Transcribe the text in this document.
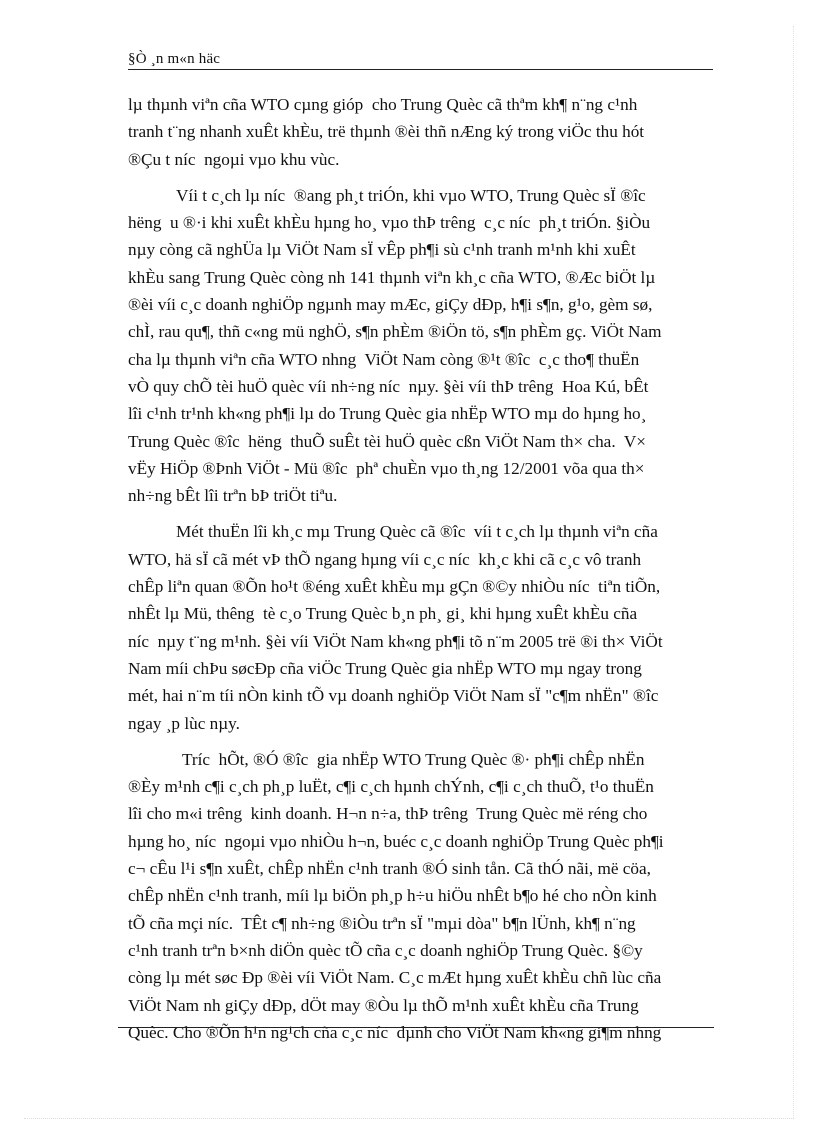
§Ò ¸n m«n häc
lµ thµnh viªn cña WTO cµng gióp  cho Trung Quèc cã thªm kh¶ n¨ng c¹nh
tranh t¨ng nhanh xuÊt khÈu, trë thµnh ®èi thñ nÆng ký trong viÖc thu hót
®Çu t níc  ngoµi vµo khu vùc.
Víi t c¸ch lµ níc  ®ang ph¸t triÓn, khi vµo WTO, Trung Quèc sÏ ®îc
hëng  u ®·i khi xuÊt khÈu hµng ho¸ vµo thÞ trêng  c¸c níc  ph¸t triÓn. §iÒu
nµy còng cã nghÜa lµ ViÖt Nam sÏ vÊp ph¶i sù c¹nh tranh m¹nh khi xuÊt
khÈu sang Trung Quèc còng nh 141 thµnh viªn kh¸c cña WTO, ®Æc biÖt lµ
®èi víi c¸c doanh nghiÖp ngµnh may mÆc, giÇy dÐp, h¶i s¶n, g¹o, gèm sø,
chÌ, rau qu¶, thñ c«ng mü nghÖ, s¶n phÈm ®iÖn tö, s¶n phÈm gç. ViÖt Nam
cha lµ thµnh viªn cña WTO nhng  ViÖt Nam còng ®¹t ®îc  c¸c tho¶ thuËn
vÒ quy chÕ tèi huÖ quèc víi nh÷ng níc  nµy. §èi víi thÞ trêng  Hoa Kú, bÊt
lîi c¹nh tr¹nh kh«ng ph¶i lµ do Trung Quèc gia nhËp WTO mµ do hµng ho¸
Trung Quèc ®îc  hëng  thuÕ suÊt tèi huÖ quèc cßn ViÖt Nam th× cha.  V×
vËy HiÖp ®Þnh ViÖt - Mü ®îc  phª chuÈn vµo th¸ng 12/2001 võa qua th×
nh÷ng bÊt lîi trªn bÞ triÖt tiªu.
Mét thuËn lîi kh¸c mµ Trung Quèc cã ®îc  víi t c¸ch lµ thµnh viªn cña
WTO, hä sÏ cã mét vÞ thÕ ngang hµng víi c¸c níc  kh¸c khi cã c¸c vô tranh
chÊp liªn quan ®Õn ho¹t ®éng xuÊt khÈu mµ gÇn ®©y nhiÒu níc  tiªn tiÕn,
nhÊt lµ Mü, thêng  tè c¸o Trung Quèc b¸n ph¸ gi¸ khi hµng xuÊt khÈu cña
níc  nµy t¨ng m¹nh. §èi víi ViÖt Nam kh«ng ph¶i tõ n¨m 2005 trë ®i th× ViÖt
Nam míi chÞu søcÐp cña viÖc Trung Quèc gia nhËp WTO mµ ngay trong
mét, hai n¨m tíi nÒn kinh tÕ vµ doanh nghiÖp ViÖt Nam sÏ "c¶m nhËn" ®îc
ngay ¸p lùc nµy.
Tríc  hÕt, ®Ó ®îc  gia nhËp WTO Trung Quèc ®· ph¶i chÊp nhËn
®Èy m¹nh c¶i c¸ch ph¸p luËt, c¶i c¸ch hµnh chÝnh, c¶i c¸ch thuÕ, t¹o thuËn
lîi cho m«i trêng  kinh doanh. H¬n n÷a, thÞ trêng  Trung Quèc më réng cho
hµng ho¸ níc  ngoµi vµo nhiÒu h¬n, buéc c¸c doanh nghiÖp Trung Quèc ph¶i
c¬ cÊu l¹i s¶n xuÊt, chÊp nhËn c¹nh tranh ®Ó sinh tån. Cã thÓ nãi, më cöa,
chÊp nhËn c¹nh tranh, míi lµ biÖn ph¸p h÷u hiÖu nhÊt b¶o hé cho nÒn kinh
tÕ cña mçi níc.  TÊt c¶ nh÷ng ®iÒu trªn sÏ "mµi dòa" b¶n lÜnh, kh¶ n¨ng
c¹nh tranh trªn b×nh diÖn quèc tÕ cña c¸c doanh nghiÖp Trung Quèc. §©y
còng lµ mét søc Ðp ®èi víi ViÖt Nam. C¸c mÆt hµng xuÊt khÈu chñ lùc cña
ViÖt Nam nh giÇy dÐp, dÖt may ®Òu lµ thÕ m¹nh xuÊt khÈu cña Trung
Quèc. Cho ®Õn h¹n ng¹ch cña c¸c níc  dµnh cho ViÖt Nam kh«ng gi¶m nhng
